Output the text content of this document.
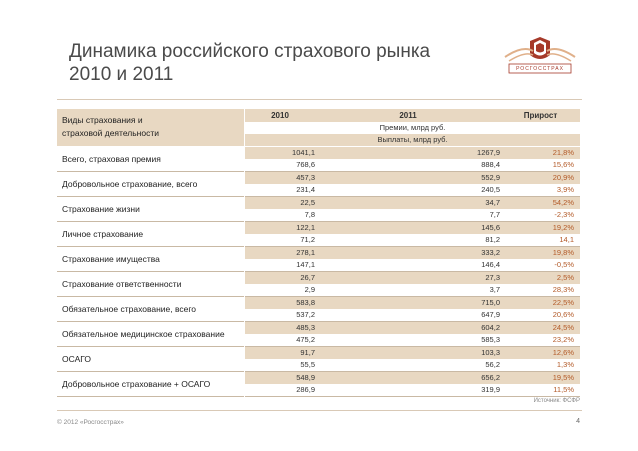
Динамика российского страхового рынка
2010 и 2011	РОСГОССТРАХ
Виды страхования и
страховой деятельности
2010	2011	Прирост
Премии, млрд руб.
Выплаты, млрд руб.
Всего, страховая премия
1041,1	1267,9	21,8%
768,6	888,4	15,6%
Добровольное страхование, всего
457,3	552,9	20,9%
231,4	240,5	3,9%
Страхование жизни
22,5	34,7	54,2%
7,8	7,7	-2,3%
Личное страхование
122,1	145,6	19,2%
71,2	81,2	14,1
Страхование имущества
278,1	333,2	19,8%
147,1	146,4	-0,5%
Страхование ответственности
26,7	27,3	2,5%
2,9	3,7	28,3%
Обязательное страхование, всего
583,8	715,0	22,5%
537,2	647,9	20,6%
Обязательное медицинское страхование
485,3	604,2	24,5%
475,2	585,3	23,2%
ОСАГО
91,7	103,3	12,6%
55,5	56,2	1,3%
Добровольное страхование + ОСАГО
548,9	656,2	19,5%
286,9	319,9	11,5%
Источник: ФСФР
© 2012 «Росгосстрах»	4
